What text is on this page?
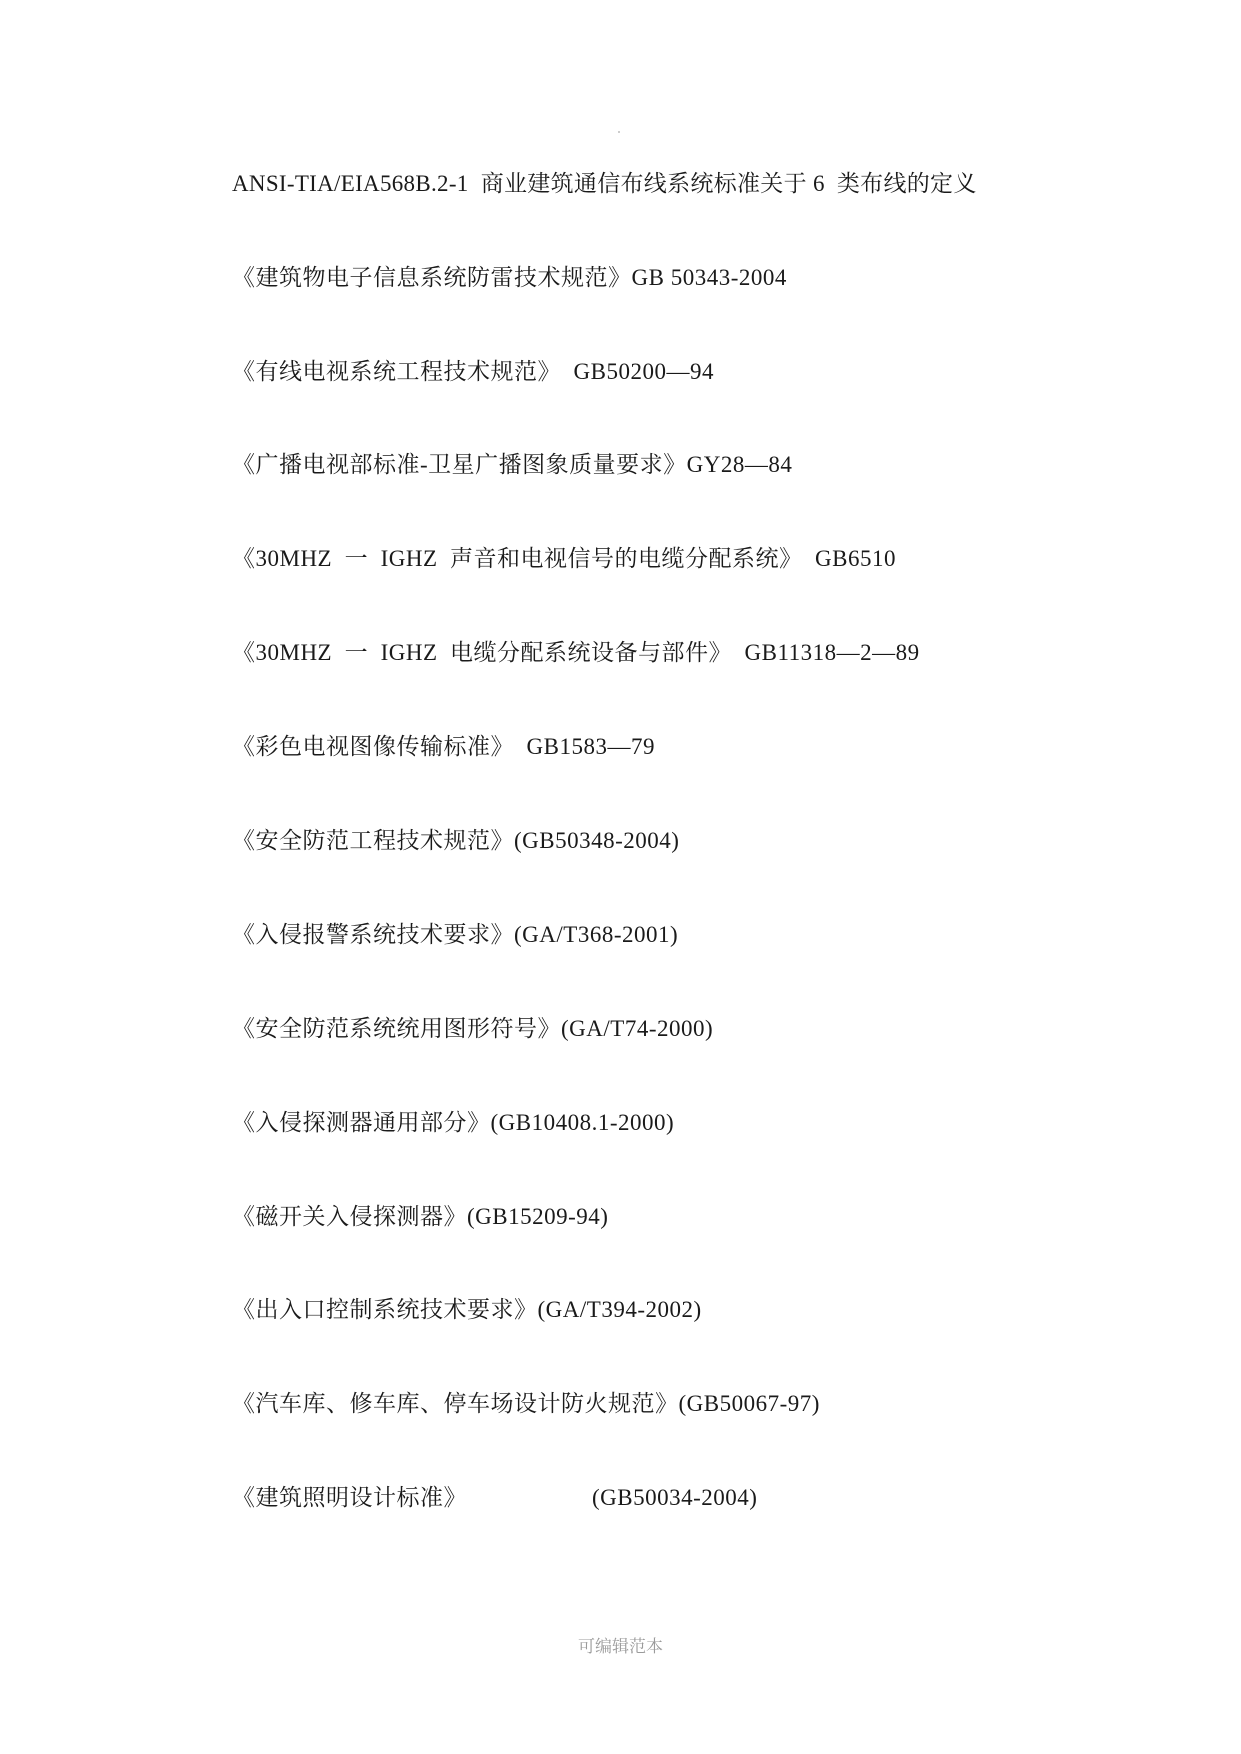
ANSI-TIA/EIA568B.2-1  商业建筑通信布线系统标准关于 6  类布线的定义
《建筑物电子信息系统防雷技术规范》GB 50343-2004
《有线电视系统工程技术规范》  GB50200—94
《广播电视部标准-卫星广播图象质量要求》GY28—84
《30MHZ  一  IGHZ  声音和电视信号的电缆分配系统》  GB6510
《30MHZ  一  IGHZ  电缆分配系统设备与部件》  GB11318—2—89
《彩色电视图像传输标准》  GB1583—79
《安全防范工程技术规范》(GB50348-2004)
《入侵报警系统技术要求》(GA/T368-2001)
《安全防范系统统用图形符号》(GA/T74-2000)
《入侵探测器通用部分》(GB10408.1-2000)
《磁开关入侵探测器》(GB15209-94)
《出入口控制系统技术要求》(GA/T394-2002)
《汽车库、修车库、停车场设计防火规范》(GB50067-97)
《建筑照明设计标准》                    (GB50034-2004)
可编辑范本
